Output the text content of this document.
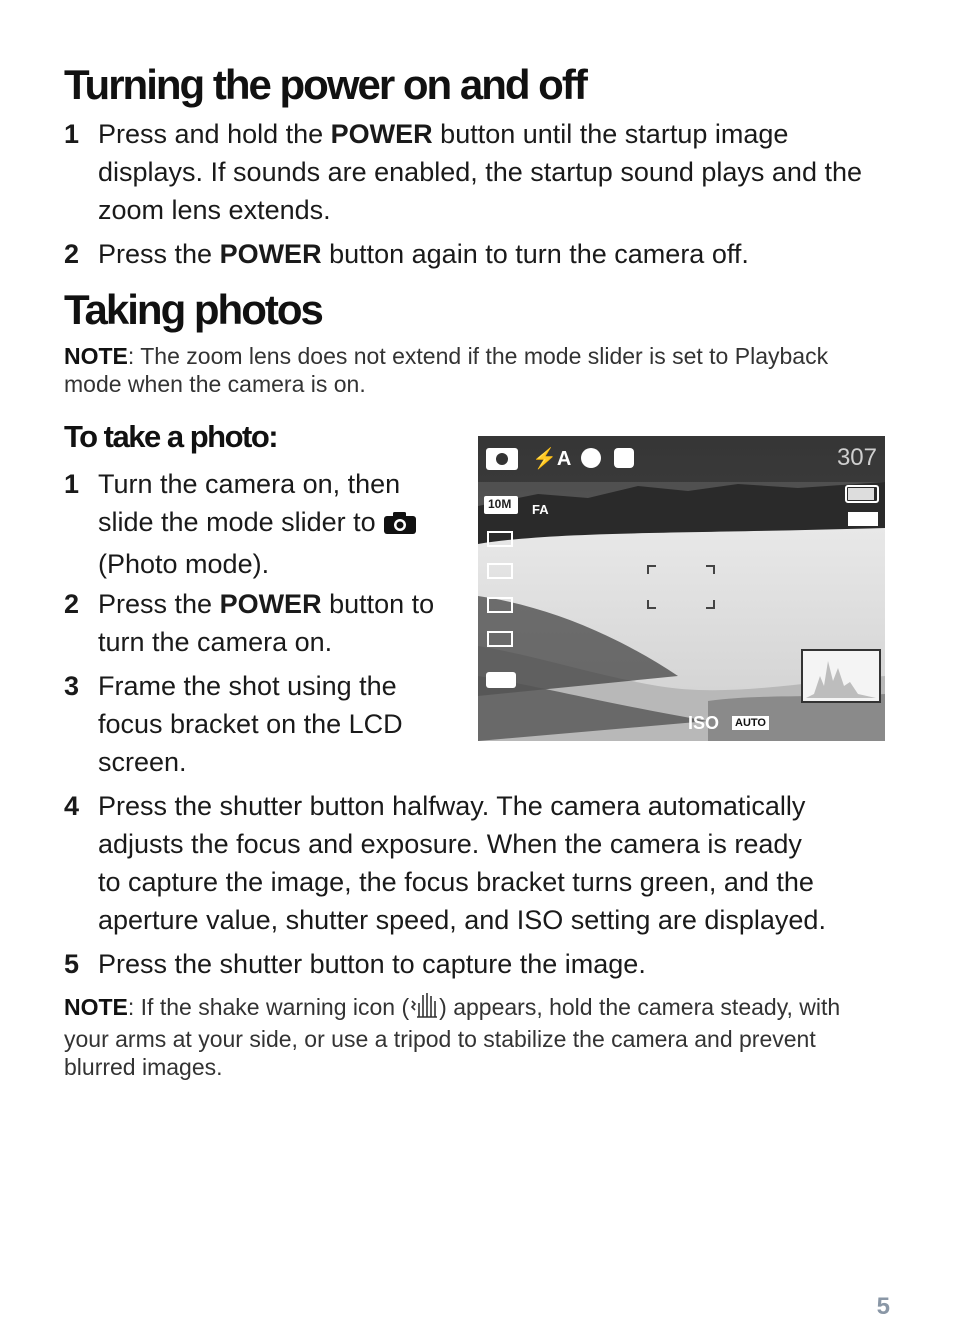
Turning the power on and off
1 Press and hold the POWER button until the startup image
displays. If sounds are enabled, the startup sound plays and the
zoom lens extends.
2 Press the POWER button again to turn the camera off.
Taking photos
NOTE: The zoom lens does not extend if the mode slider is set to Playback
mode when the camera is on.
To take a photo:
1 Turn the camera on, then
slide the mode slider to
(Photo mode).
2 Press the POWER button to
turn the camera on.
3 Frame the shot using the
focus bracket on the LCD
screen.
⚡A	307
10M FA
ISO AUTO
4 Press the shutter button halfway. The camera automatically
adjusts the focus and exposure. When the camera is ready
to capture the image, the focus bracket turns green, and the
aperture value, shutter speed, and ISO setting are displayed.
5 Press the shutter button to capture the image.
NOTE: If the shake warning icon ( ) appears, hold the camera steady, with
your arms at your side, or use a tripod to stabilize the camera and prevent
blurred images.
5
